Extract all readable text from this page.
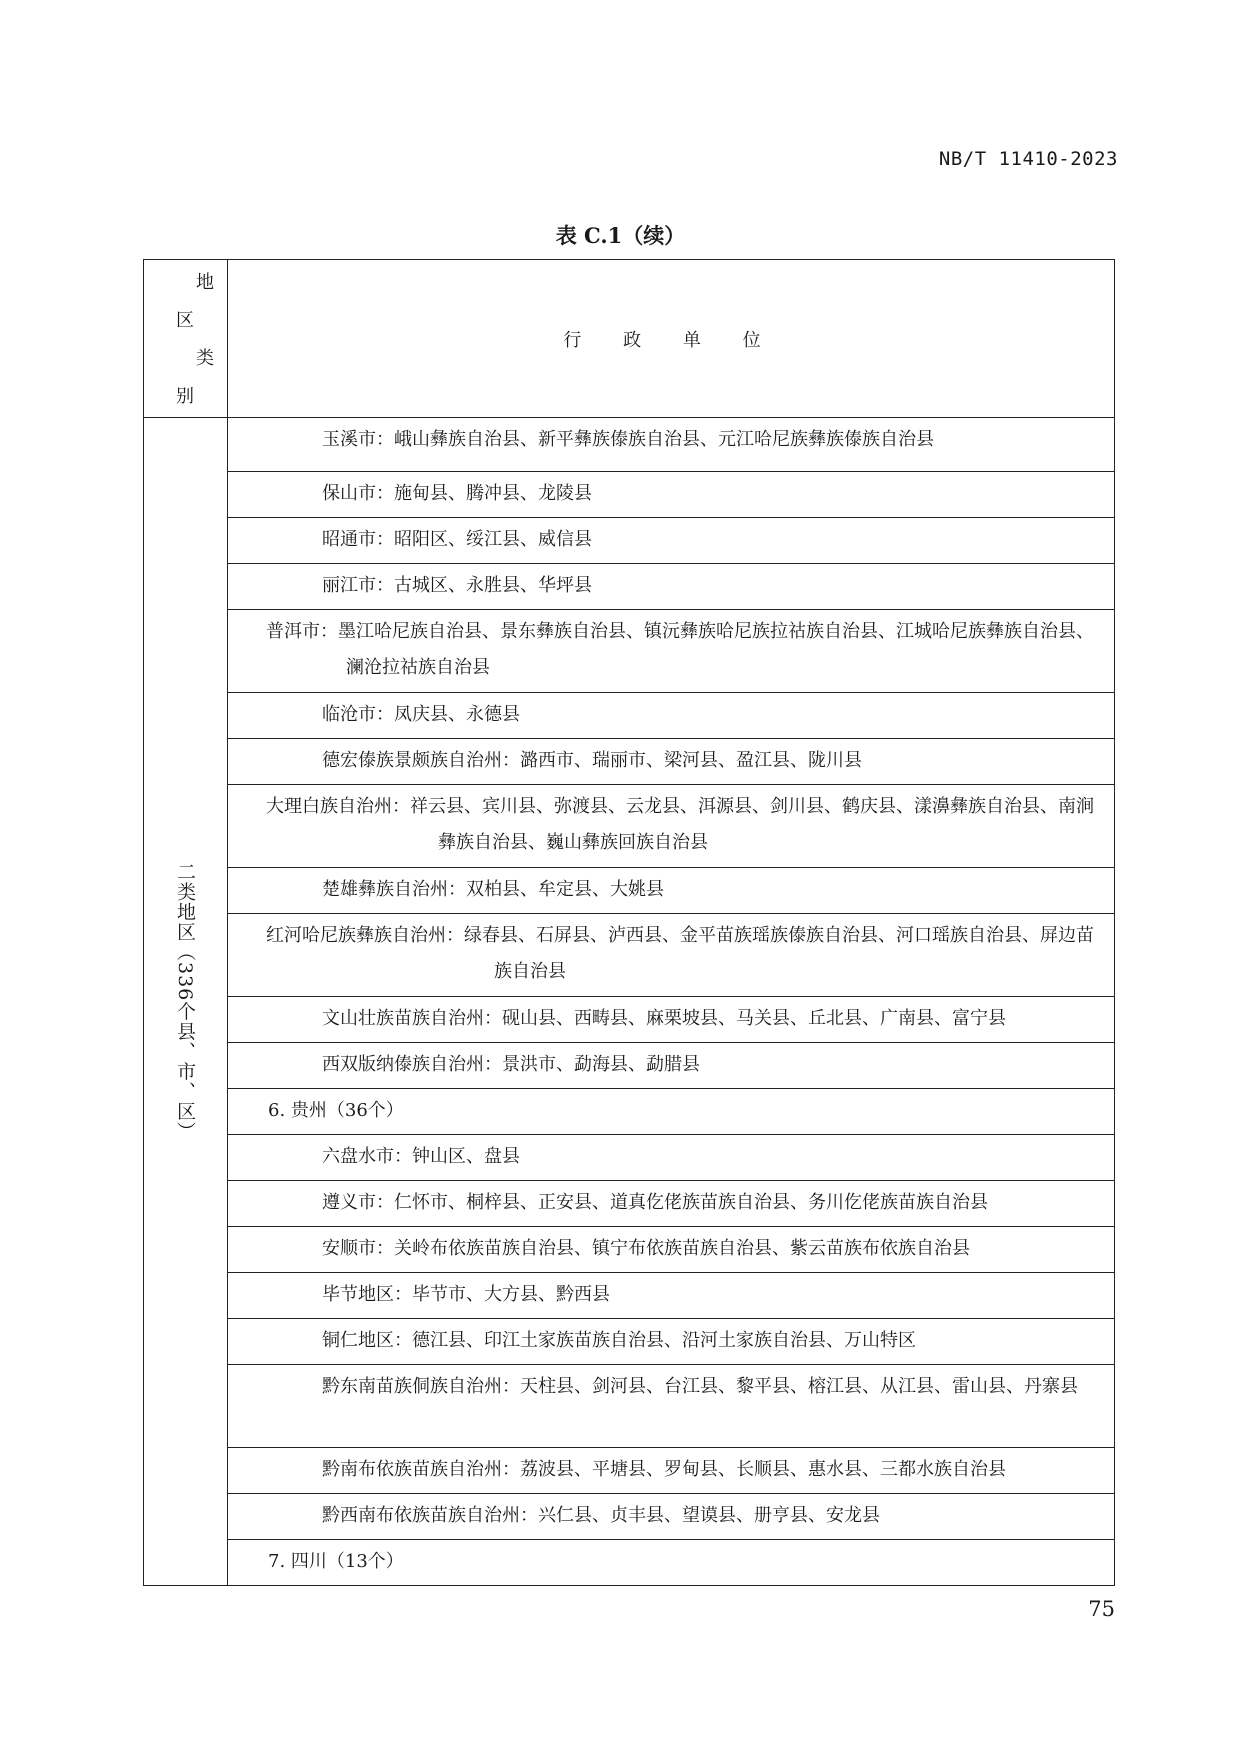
NB/T 11410-2023
表 C.1（续）
地
区
类
别	行 政 单 位

二类地区（336个县、市、区）	玉溪市：峨山彝族自治县、新平彝族傣族自治县、元江哈尼族彝族傣族自治县
	保山市：施甸县、腾冲县、龙陵县
	昭通市：昭阳区、绥江县、威信县
	丽江市：古城区、永胜县、华坪县
	普洱市：墨江哈尼族自治县、景东彝族自治县、镇沅彝族哈尼族拉祜族自治县、江城哈尼族彝族自治县、澜沧拉祜族自治县
	临沧市：凤庆县、永德县
	德宏傣族景颇族自治州：潞西市、瑞丽市、梁河县、盈江县、陇川县
	大理白族自治州：祥云县、宾川县、弥渡县、云龙县、洱源县、剑川县、鹤庆县、漾濞彝族自治县、南涧彝族自治县、巍山彝族回族自治县
	楚雄彝族自治州：双柏县、牟定县、大姚县
	红河哈尼族彝族自治州：绿春县、石屏县、泸西县、金平苗族瑶族傣族自治县、河口瑶族自治县、屏边苗族自治县
	文山壮族苗族自治州：砚山县、西畴县、麻栗坡县、马关县、丘北县、广南县、富宁县
	西双版纳傣族自治州：景洪市、勐海县、勐腊县
	6. 贵州（36个）
	六盘水市：钟山区、盘县
	遵义市：仁怀市、桐梓县、正安县、道真仡佬族苗族自治县、务川仡佬族苗族自治县
	安顺市：关岭布依族苗族自治县、镇宁布依族苗族自治县、紫云苗族布依族自治县
	毕节地区：毕节市、大方县、黔西县
	铜仁地区：德江县、印江土家族苗族自治县、沿河土家族自治县、万山特区
	黔东南苗族侗族自治州：天柱县、剑河县、台江县、黎平县、榕江县、从江县、雷山县、丹寨县
	黔南布依族苗族自治州：荔波县、平塘县、罗甸县、长顺县、惠水县、三都水族自治县
	黔西南布依族苗族自治州：兴仁县、贞丰县、望谟县、册亨县、安龙县
	7. 四川（13个）
75
